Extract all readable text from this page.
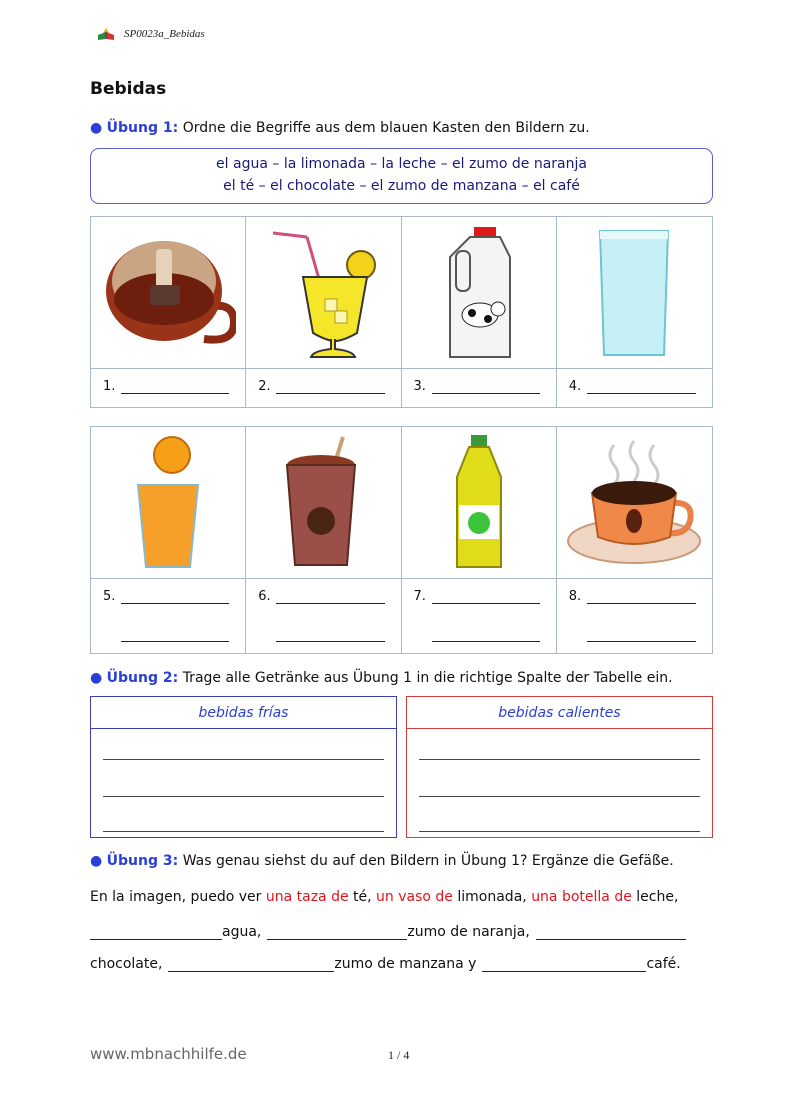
SP0023a_Bebidas
Bebidas
● Übung 1: Ordne die Begriffe aus dem blauen Kasten den Bildern zu.
el agua – la limonada – la leche – el zumo de naranja
el té – el chocolate – el zumo de manzana – el café
1.	2.	3.	4.
5.	6.	7.	8.
● Übung 2: Trage alle Getränke aus Übung 1 in die richtige Spalte der Tabelle ein.
bebidas frías	bebidas calientes
● Übung 3: Was genau siehst du auf den Bildern in Übung 1? Ergänze die Gefäße.
En la imagen, puedo ver una taza de té, un vaso de limonada, una botella de leche,
agua,	zumo de naranja,
chocolate,	zumo de manzana y	café.
www.mbnachhilfe.de	1 / 4
